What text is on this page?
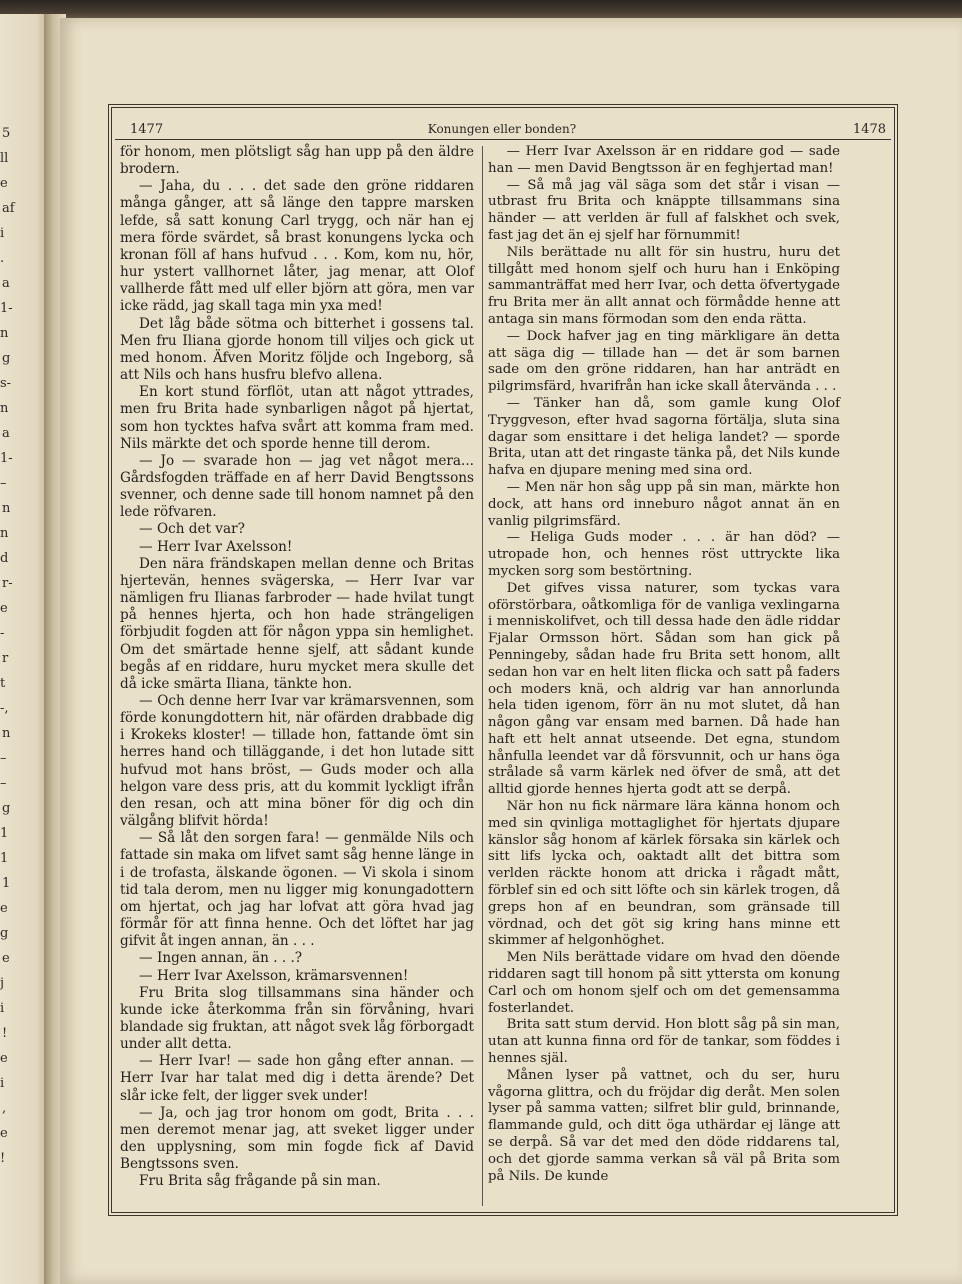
5
ll
e
af
i
.
a
1-
n
g
s-
n
a
1-
–
n
n
d
r-
e
-
r
t
-,
n
–
–
g
1
1
1
e
g
e
j
i
!
e
i
,
e
!
1477	Konungen eller bonden?	1478

för honom, men plötsligt såg han upp på den äldre brodern.

— Jaha, du . . . det sade den gröne riddaren många gånger, att så länge den tappre marsken lefde, så satt konung Carl trygg, och när han ej mera förde svärdet, så brast konungens lycka och kronan föll af hans hufvud . . . Kom, kom nu, hör, hur ystert vallhornet låter, jag menar, att Olof vallherde fått med ulf eller björn att göra, men var icke rädd, jag skall taga min yxa med!

Det låg både sötma och bitterhet i gossens tal. Men fru Iliana gjorde honom till viljes och gick ut med honom. Äfven Moritz följde och Ingeborg, så att Nils och hans husfru blefvo allena.

En kort stund förflöt, utan att något yttrades, men fru Brita hade synbarligen något på hjertat, som hon tycktes hafva svårt att komma fram med. Nils märkte det och sporde henne till derom.

— Jo — svarade hon — jag vet något mera... Gårdsfogden träffade en af herr David Bengtssons svenner, och denne sade till honom namnet på den lede röfvaren.

— Och det var?

— Herr Ivar Axelsson!

Den nära frändskapen mellan denne och Britas hjertevän, hennes svägerska, — Herr Ivar var nämligen fru Ilianas farbroder — hade hvilat tungt på hennes hjerta, och hon hade strängeligen förbjudit fogden att för någon yppa sin hemlighet. Om det smärtade henne sjelf, att sådant kunde begås af en riddare, huru mycket mera skulle det då icke smärta Iliana, tänkte hon.

— Och denne herr Ivar var krämarsvennen, som förde konungdottern hit, när ofärden drabbade dig i Krokeks kloster! — tillade hon, fattande ömt sin herres hand och tilläggande, i det hon lutade sitt hufvud mot hans bröst, — Guds moder och alla helgon vare dess pris, att du kommit lyckligt ifrån den resan, och att mina böner för dig och din välgång blifvit hörda!

— Så låt den sorgen fara! — genmälde Nils och fattade sin maka om lifvet samt såg henne länge in i de trofasta, älskande ögonen. — Vi skola i sinom tid tala derom, men nu ligger mig konungadottern om hjertat, och jag har lofvat att göra hvad jag förmår för att finna henne. Och det löftet har jag gifvit åt ingen annan, än . . .

— Ingen annan, än . . .?

— Herr Ivar Axelsson, krämarsvennen!

Fru Brita slog tillsammans sina händer och kunde icke återkomma från sin förvåning, hvari blandade sig fruktan, att något svek låg förborgadt under allt detta.

— Herr Ivar! — sade hon gång efter annan. — Herr Ivar har talat med dig i detta ärende? Det slår icke felt, der ligger svek under!

— Ja, och jag tror honom om godt, Brita . . . men deremot menar jag, att sveket ligger under den upplysning, som min fogde fick af David Bengtssons sven.

Fru Brita såg frågande på sin man.

— Herr Ivar Axelsson är en riddare god — sade han — men David Bengtsson är en feghjertad man!

— Så må jag väl säga som det står i visan — utbrast fru Brita och knäppte tillsammans sina händer — att verlden är full af falskhet och svek, fast jag det än ej sjelf har förnummit!

Nils berättade nu allt för sin hustru, huru det tillgått med honom sjelf och huru han i Enköping sammanträffat med herr Ivar, och detta öfvertygade fru Brita mer än allt annat och förmådde henne att antaga sin mans förmodan som den enda rätta.

— Dock hafver jag en ting märkligare än detta att säga dig — tillade han — det är som barnen sade om den gröne riddaren, han har anträdt en pilgrimsfärd, hvarifrån han icke skall återvända . . .

— Tänker han då, som gamle kung Olof Tryggveson, efter hvad sagorna förtälja, sluta sina dagar som ensittare i det heliga landet? — sporde Brita, utan att det ringaste tänka på, det Nils kunde hafva en djupare mening med sina ord.

— Men när hon såg upp på sin man, märkte hon dock, att hans ord inneburo något annat än en vanlig pilgrimsfärd.

— Heliga Guds moder . . . är han död? — utropade hon, och hennes röst uttryckte lika mycken sorg som bestörtning.

Det gifves vissa naturer, som tyckas vara oförstörbara, oåtkomliga för de vanliga vexlingarna i menniskolifvet, och till dessa hade den ädle riddar Fjalar Ormsson hört. Sådan som han gick på Penningeby, sådan hade fru Brita sett honom, allt sedan hon var en helt liten flicka och satt på faders och moders knä, och aldrig var han annorlunda hela tiden igenom, förr än nu mot slutet, då han någon gång var ensam med barnen. Då hade han haft ett helt annat utseende. Det egna, stundom hånfulla leendet var då försvunnit, och ur hans öga strålade så varm kärlek ned öfver de små, att det alltid gjorde hennes hjerta godt att se derpå.

När hon nu fick närmare lära känna honom och med sin qvinliga mottaglighet för hjertats djupare känslor såg honom af kärlek försaka sin kärlek och sitt lifs lycka och, oaktadt allt det bittra som verlden räckte honom att dricka i rågadt mått, förblef sin ed och sitt löfte och sin kärlek trogen, då greps hon af en beundran, som gränsade till vördnad, och det göt sig kring hans minne ett skimmer af helgonhöghet.

Men Nils berättade vidare om hvad den döende riddaren sagt till honom på sitt yttersta om konung Carl och om honom sjelf och om det gemensamma fosterlandet.

Brita satt stum dervid. Hon blott såg på sin man, utan att kunna finna ord för de tankar, som föddes i hennes själ.

Månen lyser på vattnet, och du ser, huru vågorna glittra, och du fröjdar dig deråt. Men solen lyser på samma vatten; silfret blir guld, brinnande, flammande guld, och ditt öga uthärdar ej länge att se derpå. Så var det med den döde riddarens tal, och det gjorde samma verkan så väl på Brita som på Nils. De kunde
